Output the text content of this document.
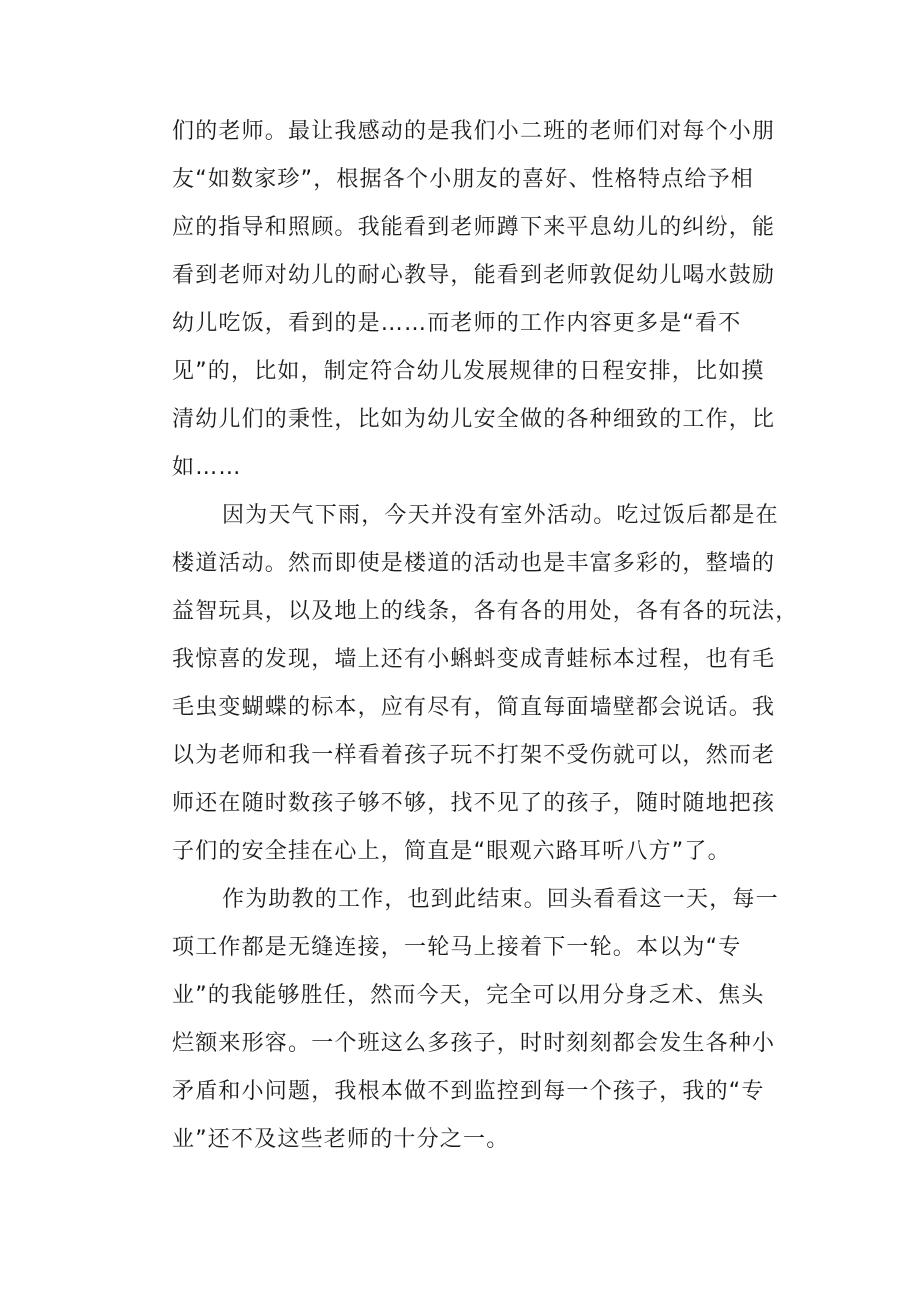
们的老师。最让我感动的是我们小二班的老师们对每个小朋
友“如数家珍”，根据各个小朋友的喜好、性格特点给予相
应的指导和照顾。我能看到老师蹲下来平息幼儿的纠纷，能
看到老师对幼儿的耐心教导，能看到老师敦促幼儿喝水鼓励
幼儿吃饭，看到的是……而老师的工作内容更多是“看不
见”的，比如，制定符合幼儿发展规律的日程安排，比如摸
清幼儿们的秉性，比如为幼儿安全做的各种细致的工作，比
如……
因为天气下雨，今天并没有室外活动。吃过饭后都是在
楼道活动。然而即使是楼道的活动也是丰富多彩的，整墙的
益智玩具，以及地上的线条，各有各的用处，各有各的玩法，
我惊喜的发现，墙上还有小蝌蚪变成青蛙标本过程，也有毛
毛虫变蝴蝶的标本，应有尽有，简直每面墙壁都会说话。我
以为老师和我一样看着孩子玩不打架不受伤就可以，然而老
师还在随时数孩子够不够，找不见了的孩子，随时随地把孩
子们的安全挂在心上，简直是“眼观六路耳听八方”了。
作为助教的工作，也到此结束。回头看看这一天，每一
项工作都是无缝连接，一轮马上接着下一轮。本以为“专
业”的我能够胜任，然而今天，完全可以用分身乏术、焦头
烂额来形容。一个班这么多孩子，时时刻刻都会发生各种小
矛盾和小问题，我根本做不到监控到每一个孩子，我的“专
业”还不及这些老师的十分之一。
